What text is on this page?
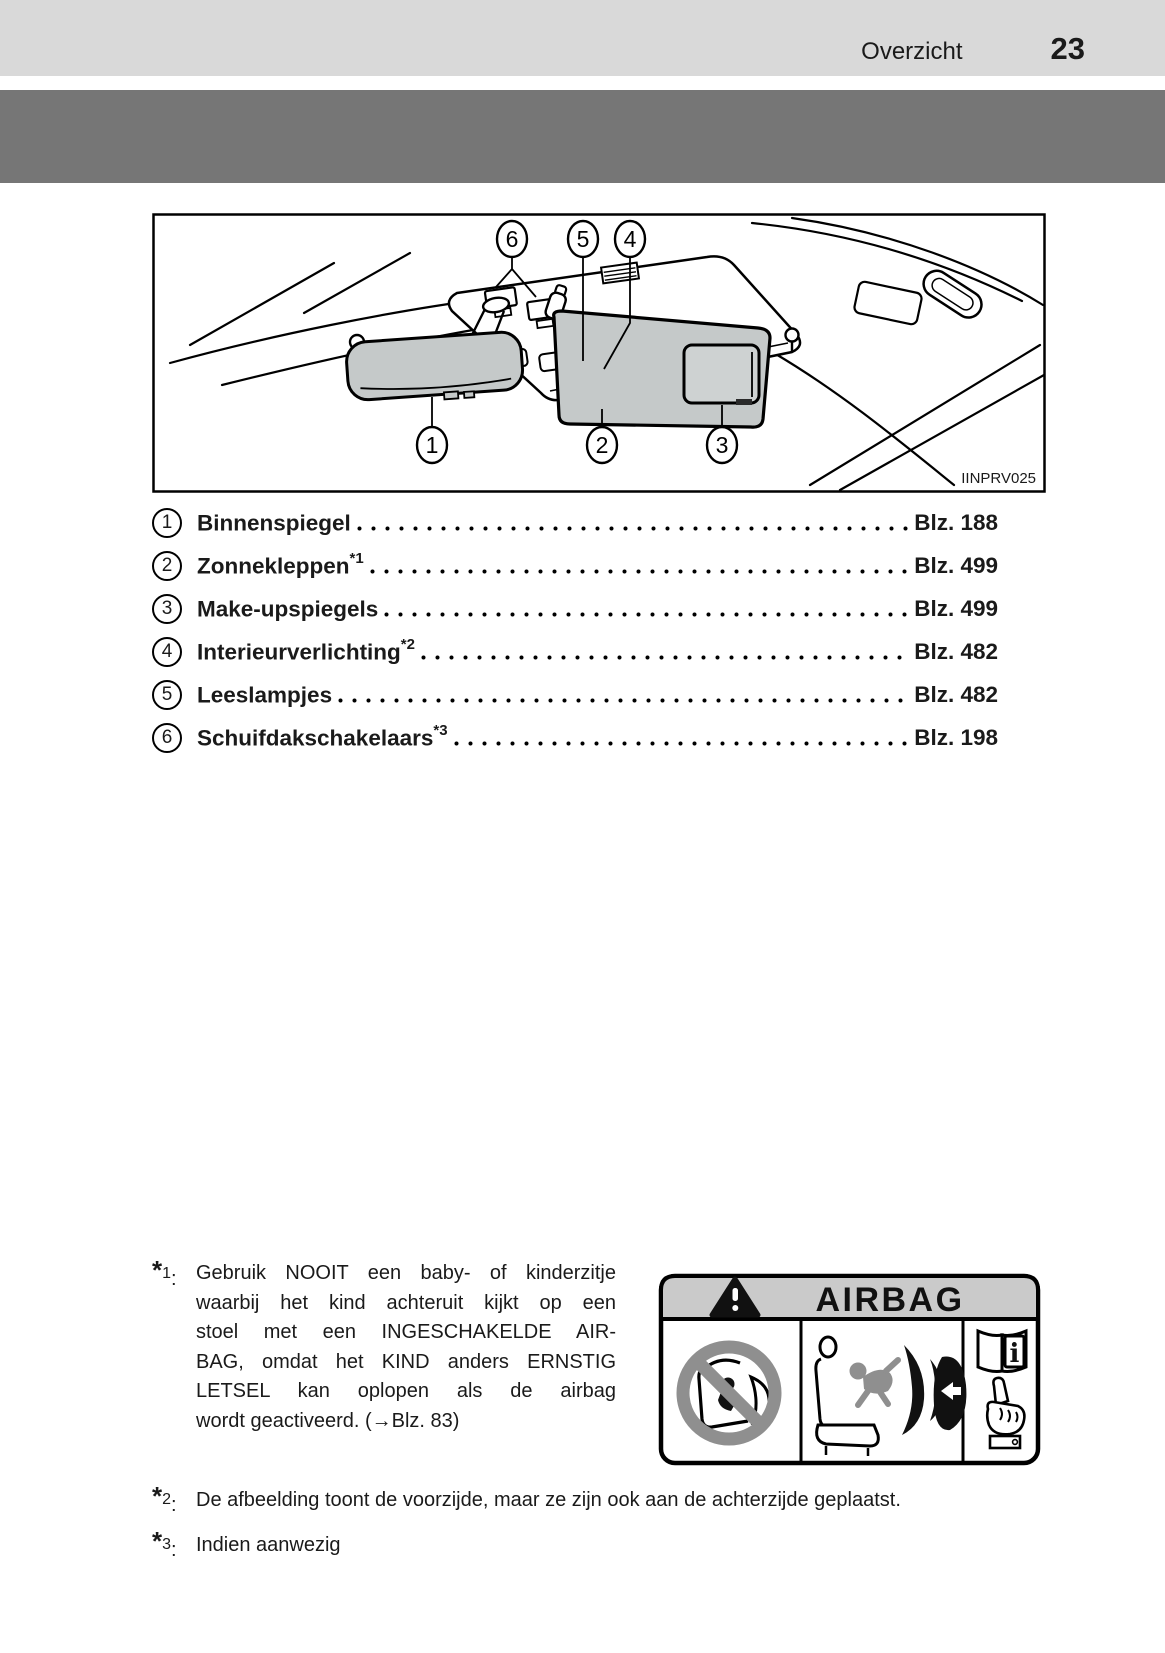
Overzicht	23
6	5 4
1	2	3
IINPRV025
1	Binnenspiegel	Blz. 188
2	Zonnekleppen$^{*1}$	Blz. 499
3	Make-upspiegels	Blz. 499
4	Interieurverlichting$^{*2}$	Blz. 482
5	Leeslampjes	Blz. 482
6	Schuifdakschakelaars$^{*3}$	Blz. 198
*1: Gebruik NOOIT een baby- of kinderzitje
waarbij het kind achteruit kijkt op een
stoel met een INGESCHAKELDE AIR-
BAG, omdat het KIND anders ERNSTIG
LETSEL kan oplopen als de airbag
wordt geactiveerd. (→Blz. 83)
AIRBAG
i
*2: De afbeelding toont de voorzijde, maar ze zijn ook aan de achterzijde geplaatst.
*3: Indien aanwezig
